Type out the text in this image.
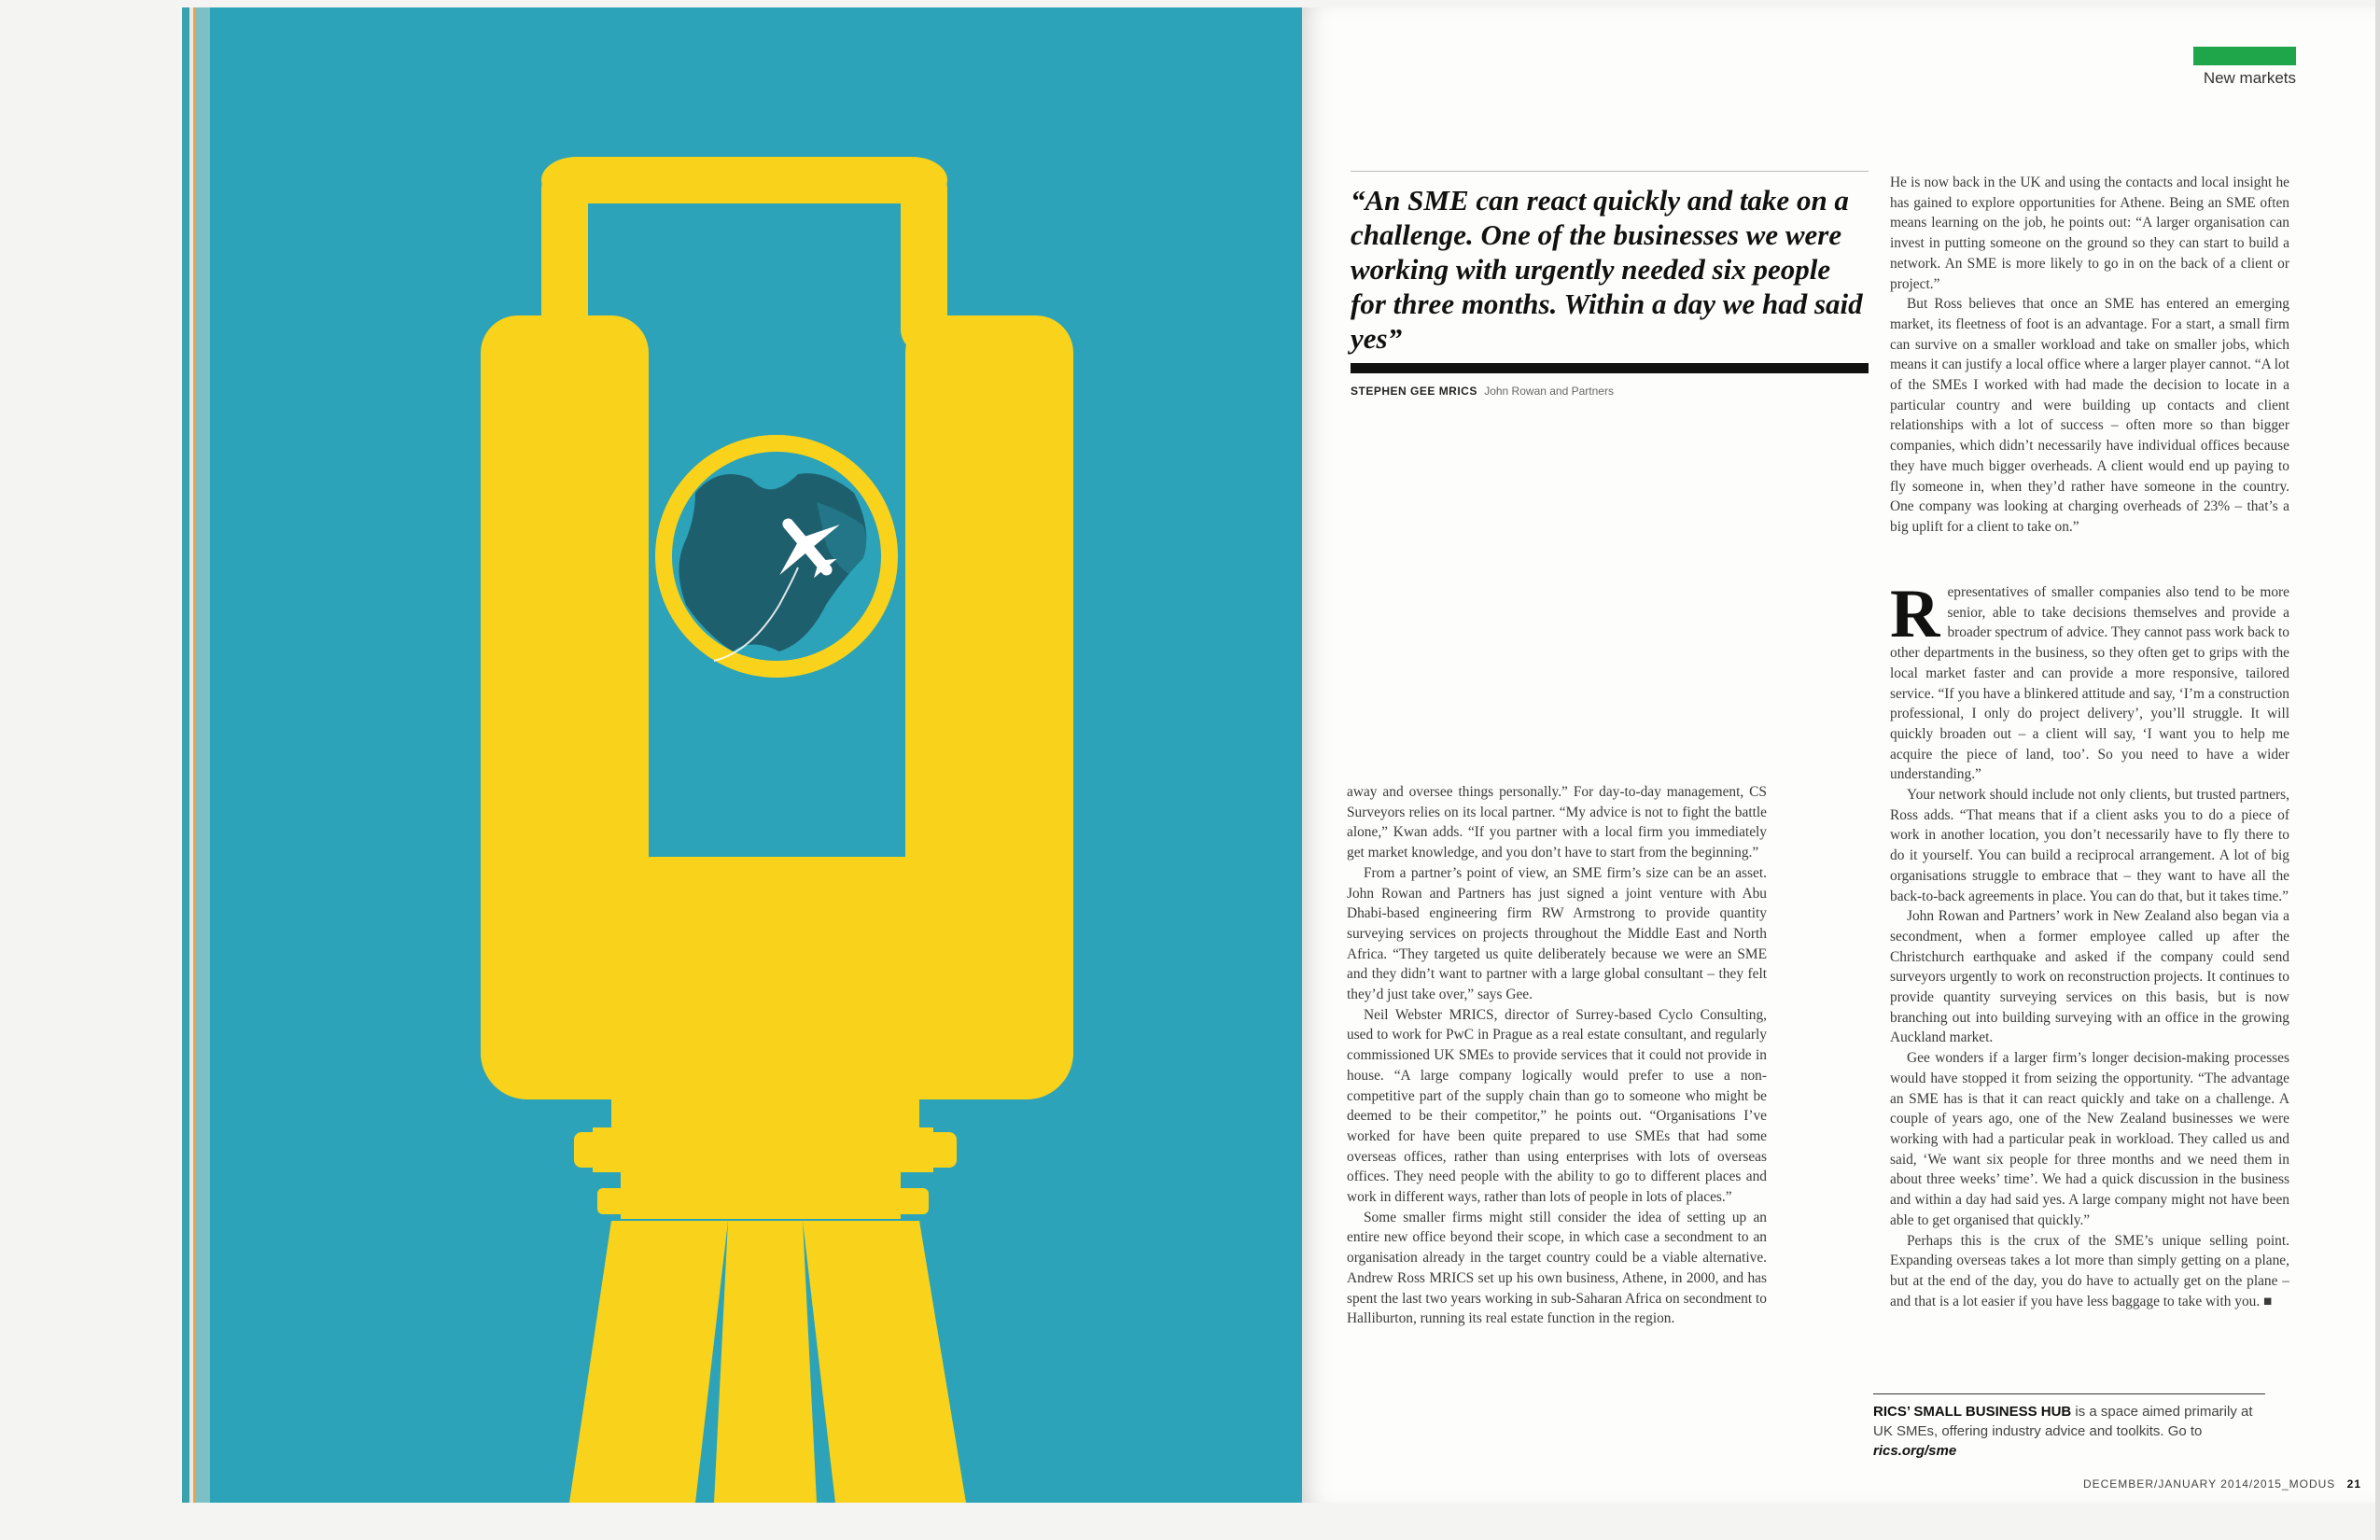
New markets

“An SME can react quickly and take on a challenge. One of the businesses we were working with urgently needed six people for three months. Within a day we had said yes”

STEPHEN GEE MRICS John Rowan and Partners

away and oversee things personally.” For day-to-day management, CS Surveyors relies on its local partner. “My advice is not to fight the battle alone,” Kwan adds. “If you partner with a local firm you immediately get market knowledge, and you don’t have to start from the beginning.”

From a partner’s point of view, an SME firm’s size can be an asset. John Rowan and Partners has just signed a joint venture with Abu Dhabi-based engineering firm RW Armstrong to provide quantity surveying services on projects throughout the Middle East and North Africa. “They targeted us quite deliberately because we were an SME and they didn’t want to partner with a large global consultant – they felt they’d just take over,” says Gee.

Neil Webster MRICS, director of Surrey-based Cyclo Consulting, used to work for PwC in Prague as a real estate consultant, and regularly commissioned UK SMEs to provide services that it could not provide in house. “A large company logically would prefer to use a non-competitive part of the supply chain than go to someone who might be deemed to be their competitor,” he points out. “Organisations I’ve worked for have been quite prepared to use SMEs that had some overseas offices, rather than using enterprises with lots of overseas offices. They need people with the ability to go to different places and work in different ways, rather than lots of people in lots of places.”

Some smaller firms might still consider the idea of setting up an entire new office beyond their scope, in which case a secondment to an organisation already in the target country could be a viable alternative. Andrew Ross MRICS set up his own business, Athene, in 2000, and has spent the last two years working in sub-Saharan Africa on secondment to Halliburton, running its real estate function in the region.

He is now back in the UK and using the contacts and local insight he has gained to explore opportunities for Athene. Being an SME often means learning on the job, he points out: “A larger organisation can invest in putting someone on the ground so they can start to build a network. An SME is more likely to go in on the back of a client or project.”

But Ross believes that once an SME has entered an emerging market, its fleetness of foot is an advantage. For a start, a small firm can survive on a smaller workload and take on smaller jobs, which means it can justify a local office where a larger player cannot. “A lot of the SMEs I worked with had made the decision to locate in a particular country and were building up contacts and client relationships with a lot of success – often more so than bigger companies, which didn’t necessarily have individual offices because they have much bigger overheads. A client would end up paying to fly someone in, when they’d rather have someone in the country. One company was looking at charging overheads of 23% – that’s a big uplift for a client to take on.”

Representatives of smaller companies also tend to be more senior, able to take decisions themselves and provide a broader spectrum of advice. They cannot pass work back to other departments in the business, so they often get to grips with the local market faster and can provide a more responsive, tailored service. “If you have a blinkered attitude and say, ‘I’m a construction professional, I only do project delivery’, you’ll struggle. It will quickly broaden out – a client will say, ‘I want you to help me acquire the piece of land, too’. So you need to have a wider understanding.”

Your network should include not only clients, but trusted partners, Ross adds. “That means that if a client asks you to do a piece of work in another location, you don’t necessarily have to fly there to do it yourself. You can build a reciprocal arrangement. A lot of big organisations struggle to embrace that – they want to have all the back-to-back agreements in place. You can do that, but it takes time.”

John Rowan and Partners’ work in New Zealand also began via a secondment, when a former employee called up after the Christchurch earthquake and asked if the company could send surveyors urgently to work on reconstruction projects. It continues to provide quantity surveying services on this basis, but is now branching out into building surveying with an office in the growing Auckland market.

Gee wonders if a larger firm’s longer decision-making processes would have stopped it from seizing the opportunity. “The advantage an SME has is that it can react quickly and take on a challenge. A couple of years ago, one of the New Zealand businesses we were working with had a particular peak in workload. They called us and said, ‘We want six people for three months and we need them in about three weeks’ time’. We had a quick discussion in the business and within a day had said yes. A large company might not have been able to get organised that quickly.”

Perhaps this is the crux of the SME’s unique selling point. Expanding overseas takes a lot more than simply getting on a plane, but at the end of the day, you do have to actually get on the plane – and that is a lot easier if you have less baggage to take with you. ■

RICS’ SMALL BUSINESS HUB is a space aimed primarily at UK SMEs, offering industry advice and toolkits. Go to rics.org/sme

DECEMBER/JANUARY 2014/2015_MODUS 21
